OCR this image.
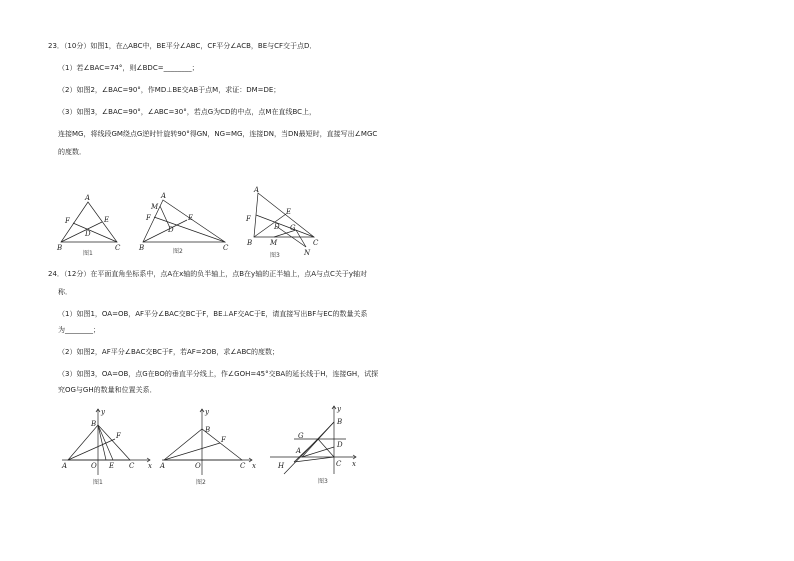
23．（10分）如图1，在△ABC中，BE平分∠ABC，CF平分∠ACB，BE与CF交于点D．
（1）若∠BAC=74°，则∠BDC=________；
（2）如图2，∠BAC=90°，作MD⊥BE交AB于点M，求证：DM=DE；
（3）如图3，∠BAC=90°，∠ABC=30°，若点G为CD的中点，点M在直线BC上，
连接MG，将线段GM绕点G逆时针旋转90°得GN，NG=MG，连接DN，当DN最短时，直接写出∠MGC
的度数．
A
B	C
F	E
D
图1
A
M
F	E
D
B	C
图2
A
F
E
D G
B	M	C
N
图3
24．（12分）在平面直角坐标系中，点A在x轴的负半轴上，点B在y轴的正半轴上，点A与点C关于y轴对
称．
（1）如图1，OA=OB，AF平分∠BAC交BC于F，BE⊥AF交AC于E，请直接写出BF与EC的数量关系
为________；
（2）如图2，AF平分∠BAC交BC于F，若AF=2OB，求∠ABC的度数；
（3）如图3，OA=OB，点G在BO的垂直平分线上，作∠GOH=45°交BA的延长线于H，连接GH，试探
究OG与GH的数量和位置关系．
y
B
F
A	O E C x
图1
y
B
F
A	O	C x
图2
y
B
G
D
A
C
H	x
图3
